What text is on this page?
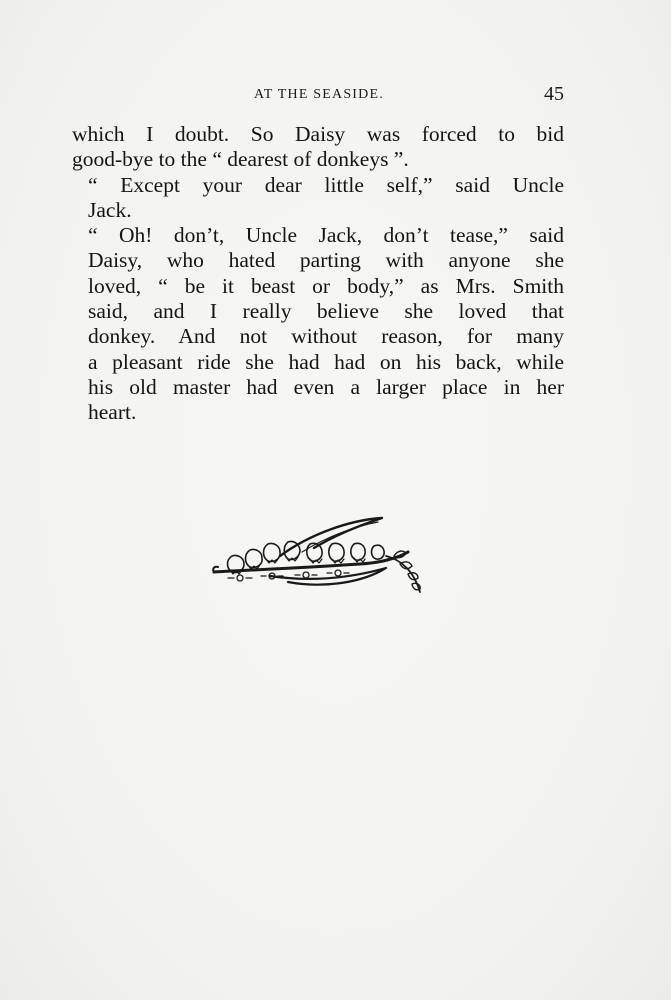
AT THE SEASIDE.	45

which I doubt. So Daisy was forced to bid
good-bye to the “ dearest of donkeys ”.

“ Except your dear little self,” said Uncle
Jack.

“ Oh! don’t, Uncle Jack, don’t tease,” said
Daisy, who hated parting with anyone she
loved, “ be it beast or body,” as Mrs. Smith
said, and I really believe she loved that
donkey. And not without reason, for many
a pleasant ride she had had on his back, while
his old master had even a larger place in her
heart.
